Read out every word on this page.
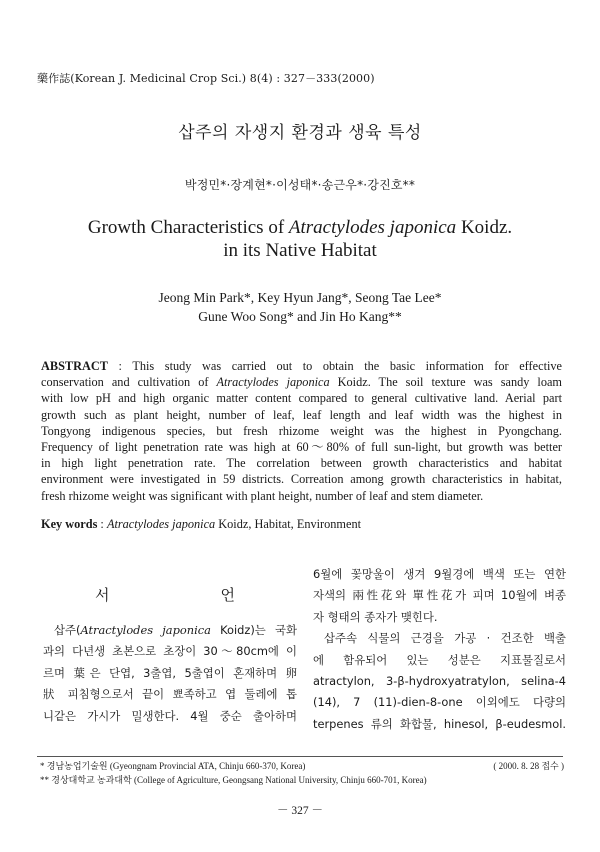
藥作誌(Korean J. Medicinal Crop Sci.) 8(4) : 327－333(2000)
삽주의 자생지 환경과 생육 특성
박정민*·장계현*·이성태*·송근우*·강진호**
Growth Characteristics of Atractylodes japonica Koidz.
in its Native Habitat
Jeong Min Park*, Key Hyun Jang*, Seong Tae Lee*
Gune Woo Song* and Jin Ho Kang**
ABSTRACT : This study was carried out to obtain the basic information for effective
conservation and cultivation of Atractylodes japonica Koidz. The soil texture was sandy loam
with low pH and high organic matter content compared to general cultivative land. Aerial part
growth such as plant height, number of leaf, leaf length and leaf width was the highest in
Tongyong indigenous species, but fresh rhizome weight was the highest in Pyongchang.
Frequency of light penetration rate was high at 60～80% of full sun-light, but growth was better
in high light penetration rate. The correlation between growth characteristics and habitat
environment were investigated in 59 districts. Correation among growth characteristics in habitat,
fresh rhizome weight was significant with plant height, number of leaf and stem diameter.
Key words : Atractylodes japonica Koidz, Habitat, Environment
서	언
삽주(Atractylodes japonica Koidz)는 국화
과의 다년생 초본으로 초장이 30～80cm에 이
르며 葉은 단엽, 3출엽, 5출엽이 혼재하며 卵
狀 피침형으로서 끝이 뾰족하고 엽 둘레에 톱
니같은 가시가 밀생한다. 4월 중순 출아하며
6월에 꽃망울이 생겨 9월경에 백색 또는 연한
자색의 兩性花와 單性花가 피며 10월에 벼종
자 형태의 종자가 맺힌다.
삽주속 식물의 근경을 가공 · 건조한 백출
에 함유되어 있는 성분은 지표물질로서
atractylon, 3-β-hydroxyatratylon, selina-4
(14), 7 (11)-dien-8-one 이외에도 다량의
terpenes 류의 화합물, hinesol, β-eudesmol.
* 경남농업기술원 (Gyeongnam Provincial ATA, Chinju 660-370, Korea)	( 2000. 8. 28 접수 )
** 경상대학교 농과대학 (College of Agriculture, Geongsang National University, Chinju 660-701, Korea)
－ 327 －
